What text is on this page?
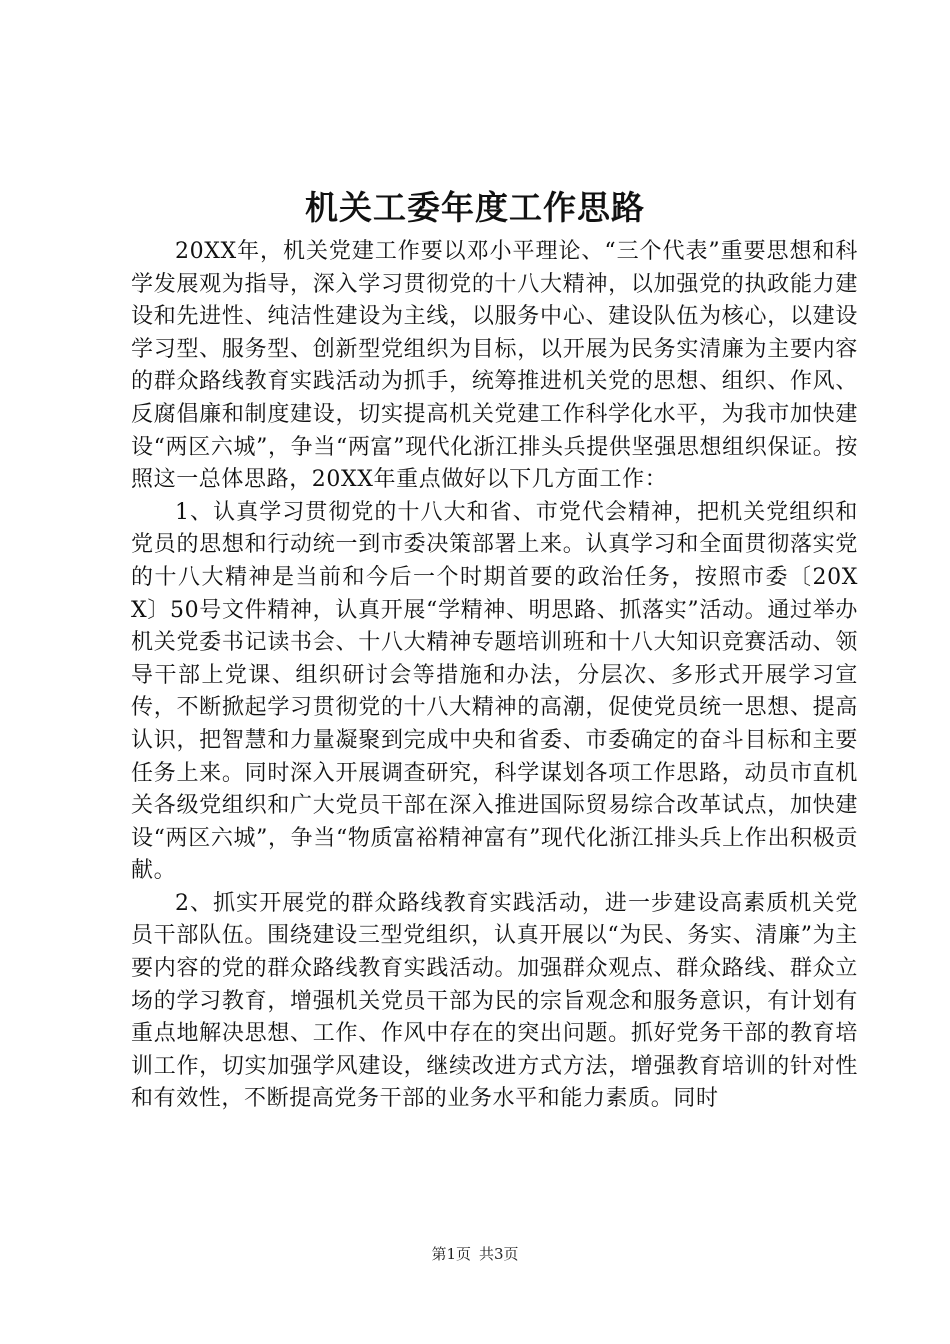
机关工委年度工作思路

20XX年，机关党建工作要以邓小平理论、“三个代表”重要思想和科学发展观为指导，深入学习贯彻党的十八大精神，以加强党的执政能力建设和先进性、纯洁性建设为主线，以服务中心、建设队伍为核心，以建设学习型、服务型、创新型党组织为目标，以开展为民务实清廉为主要内容的群众路线教育实践活动为抓手，统筹推进机关党的思想、组织、作风、反腐倡廉和制度建设，切实提高机关党建工作科学化水平，为我市加快建设“两区六城”，争当“两富”现代化浙江排头兵提供坚强思想组织保证。按照这一总体思路，20XX年重点做好以下几方面工作：

1、认真学习贯彻党的十八大和省、市党代会精神，把机关党组织和党员的思想和行动统一到市委决策部署上来。认真学习和全面贯彻落实党的十八大精神是当前和今后一个时期首要的政治任务，按照市委〔20XX〕50号文件精神，认真开展“学精神、明思路、抓落实”活动。通过举办机关党委书记读书会、十八大精神专题培训班和十八大知识竞赛活动、领导干部上党课、组织研讨会等措施和办法，分层次、多形式开展学习宣传，不断掀起学习贯彻党的十八大精神的高潮，促使党员统一思想、提高认识，把智慧和力量凝聚到完成中央和省委、市委确定的奋斗目标和主要任务上来。同时深入开展调查研究，科学谋划各项工作思路，动员市直机关各级党组织和广大党员干部在深入推进国际贸易综合改革试点，加快建设“两区六城”，争当“物质富裕精神富有”现代化浙江排头兵上作出积极贡献。

2、抓实开展党的群众路线教育实践活动，进一步建设高素质机关党员干部队伍。围绕建设三型党组织，认真开展以“为民、务实、清廉”为主要内容的党的群众路线教育实践活动。加强群众观点、群众路线、群众立场的学习教育，增强机关党员干部为民的宗旨观念和服务意识，有计划有重点地解决思想、工作、作风中存在的突出问题。抓好党务干部的教育培训工作，切实加强学风建设，继续改进方式方法，增强教育培训的针对性和有效性，不断提高党务干部的业务水平和能力素质。同时

第1页 共3页
